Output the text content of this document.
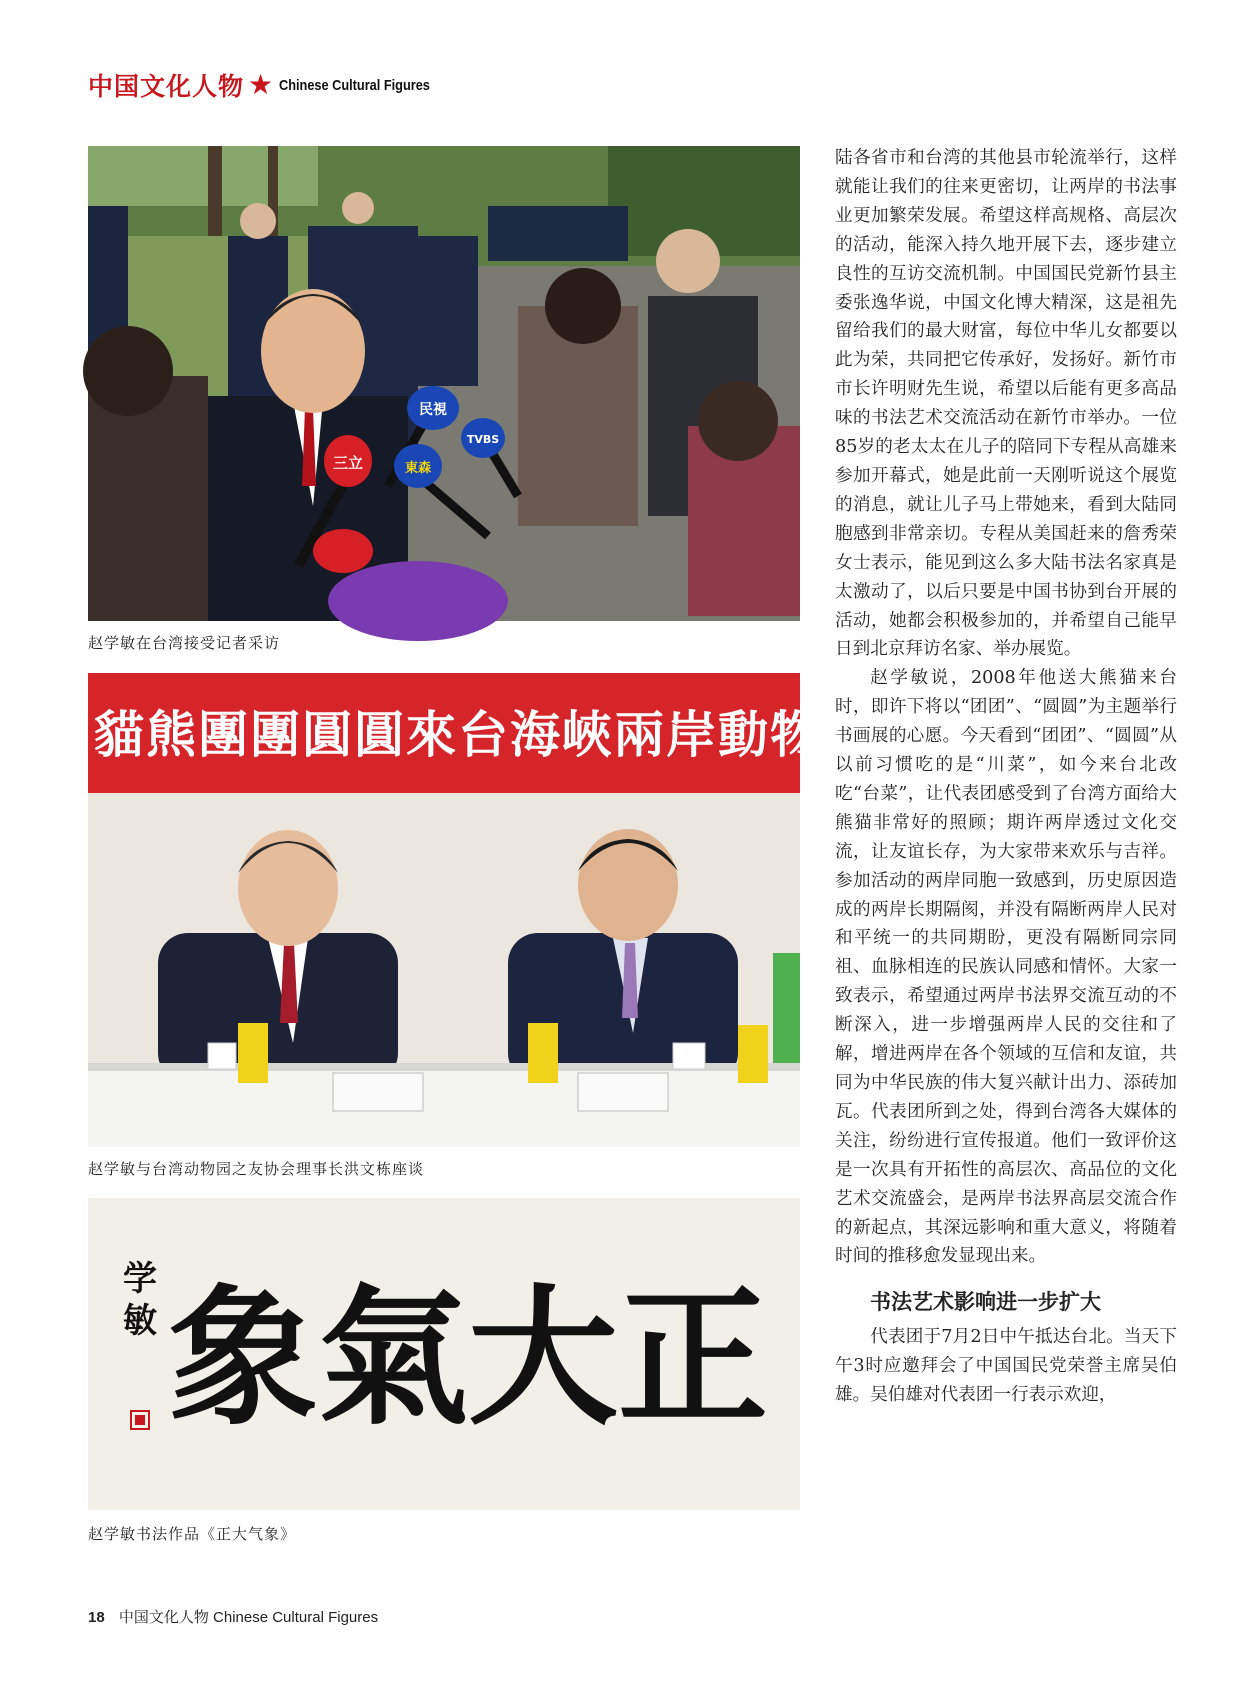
中国文化人物 ★ Chinese Cultural Figures
三立
民視
東森
TVBS
赵学敏在台湾接受记者采访
貓熊團團圓圓來台海峽兩岸動物交流
赵学敏与台湾动物园之友协会理事长洪文栋座谈
学敏	正
大
氣
象
赵学敏书法作品《正大气象》

陆各省市和台湾的其他县市轮流举行，这样就能让我们的往来更密切，让两岸的书法事业更加繁荣发展。希望这样高规格、高层次的活动，能深入持久地开展下去，逐步建立良性的互访交流机制。中国国民党新竹县主委张逸华说，中国文化博大精深，这是祖先留给我们的最大财富，每位中华儿女都要以此为荣，共同把它传承好，发扬好。新竹市市长许明财先生说，希望以后能有更多高品味的书法艺术交流活动在新竹市举办。一位85岁的老太太在儿子的陪同下专程从高雄来参加开幕式，她是此前一天刚听说这个展览的消息，就让儿子马上带她来，看到大陆同胞感到非常亲切。专程从美国赶来的詹秀荣女士表示，能见到这么多大陆书法名家真是太激动了，以后只要是中国书协到台开展的活动，她都会积极参加的，并希望自己能早日到北京拜访名家、举办展览。

赵学敏说，2008年他送大熊猫来台时，即许下将以“团团”、“圆圆”为主题举行书画展的心愿。今天看到“团团”、“圆圆”从以前习惯吃的是“川菜”，如今来台北改吃“台菜”，让代表团感受到了台湾方面给大熊猫非常好的照顾；期许两岸透过文化交流，让友谊长存，为大家带来欢乐与吉祥。参加活动的两岸同胞一致感到，历史原因造成的两岸长期隔阂，并没有隔断两岸人民对和平统一的共同期盼，更没有隔断同宗同祖、血脉相连的民族认同感和情怀。大家一致表示，希望通过两岸书法界交流互动的不断深入，进一步增强两岸人民的交往和了解，增进两岸在各个领域的互信和友谊，共同为中华民族的伟大复兴献计出力、添砖加瓦。代表团所到之处，得到台湾各大媒体的关注，纷纷进行宣传报道。他们一致评价这是一次具有开拓性的高层次、高品位的文化艺术交流盛会，是两岸书法界高层交流合作的新起点，其深远影响和重大意义，将随着时间的推移愈发显现出来。

书法艺术影响进一步扩大

代表团于7月2日中午抵达台北。当天下午3时应邀拜会了中国国民党荣誉主席吴伯雄。吴伯雄对代表团一行表示欢迎，

18 中国文化人物 Chinese Cultural Figures
